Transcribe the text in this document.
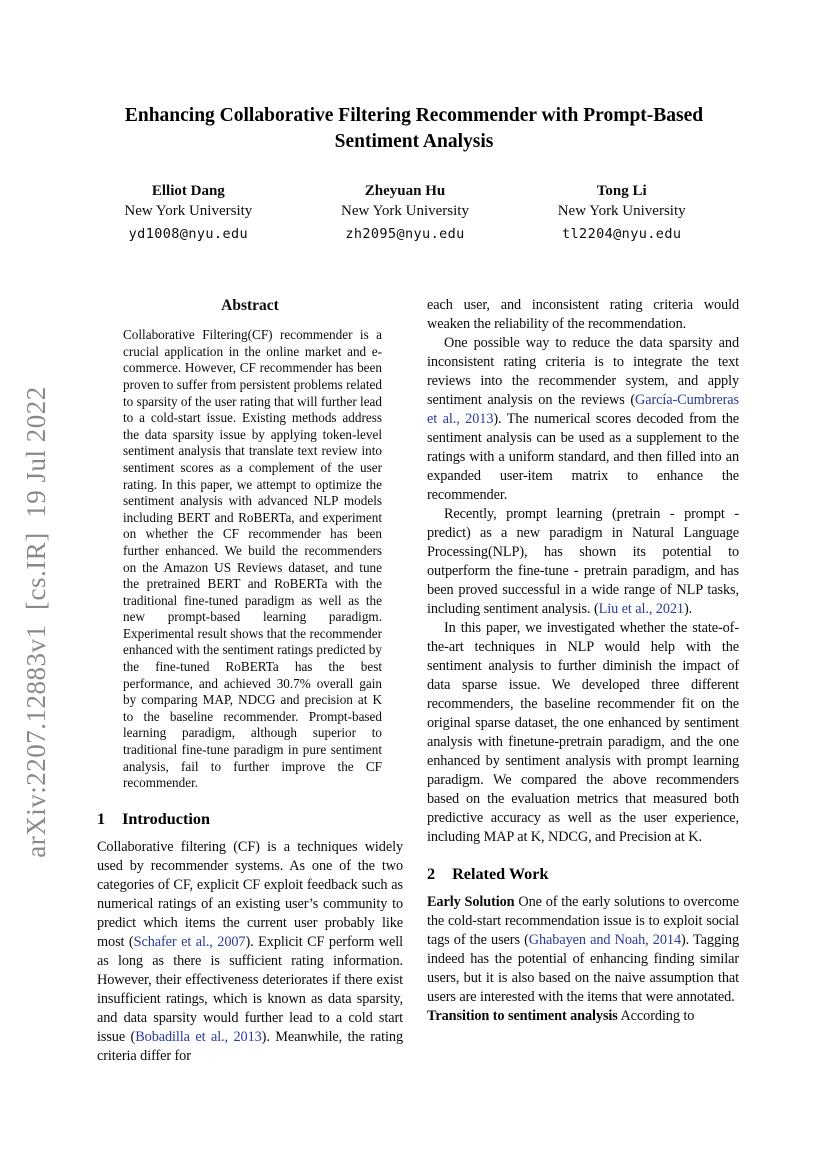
arXiv:2207.12883v1  [cs.IR]  19 Jul 2022
Enhancing Collaborative Filtering Recommender with Prompt-Based
Sentiment Analysis
Elliot Dang
New York University
yd1008@nyu.edu
Zheyuan Hu
New York University
zh2095@nyu.edu
Tong Li
New York University
tl2204@nyu.edu
Abstract

Collaborative Filtering(CF) recommender is a crucial application in the online market and e-commerce. However, CF recommender has been proven to suffer from persistent problems related to sparsity of the user rating that will further lead to a cold-start issue. Existing methods address the data sparsity issue by applying token-level sentiment analysis that translate text review into sentiment scores as a complement of the user rating. In this paper, we attempt to optimize the sentiment analysis with advanced NLP models including BERT and RoBERTa, and experiment on whether the CF recommender has been further enhanced. We build the recommenders on the Amazon US Reviews dataset, and tune the pretrained BERT and RoBERTa with the traditional fine-tuned paradigm as well as the new prompt-based learning paradigm. Experimental result shows that the recommender enhanced with the sentiment ratings predicted by the fine-tuned RoBERTa has the best performance, and achieved 30.7% overall gain by comparing MAP, NDCG and precision at K to the baseline recommender. Prompt-based learning paradigm, although superior to traditional fine-tune paradigm in pure sentiment analysis, fail to further improve the CF recommender.

1 Introduction

Collaborative filtering (CF) is a techniques widely used by recommender systems. As one of the two categories of CF, explicit CF exploit feedback such as numerical ratings of an existing user’s community to predict which items the current user probably like most (Schafer et al., 2007). Explicit CF perform well as long as there is sufficient rating information. However, their effectiveness deteriorates if there exist insufficient ratings, which is known as data sparsity, and data sparsity would further lead to a cold start issue (Bobadilla et al., 2013). Meanwhile, the rating criteria differ for

each user, and inconsistent rating criteria would weaken the reliability of the recommendation.

One possible way to reduce the data sparsity and inconsistent rating criteria is to integrate the text reviews into the recommender system, and apply sentiment analysis on the reviews (García-Cumbreras et al., 2013). The numerical scores decoded from the sentiment analysis can be used as a supplement to the ratings with a uniform standard, and then filled into an expanded user-item matrix to enhance the recommender.

Recently, prompt learning (pretrain - prompt - predict) as a new paradigm in Natural Language Processing(NLP), has shown its potential to outperform the fine-tune - pretrain paradigm, and has been proved successful in a wide range of NLP tasks, including sentiment analysis. (Liu et al., 2021).

In this paper, we investigated whether the state-of-the-art techniques in NLP would help with the sentiment analysis to further diminish the impact of data sparse issue. We developed three different recommenders, the baseline recommender fit on the original sparse dataset, the one enhanced by sentiment analysis with finetune-pretrain paradigm, and the one enhanced by sentiment analysis with prompt learning paradigm. We compared the above recommenders based on the evaluation metrics that measured both predictive accuracy as well as the user experience, including MAP at K, NDCG, and Precision at K.

2 Related Work

Early Solution One of the early solutions to overcome the cold-start recommendation issue is to exploit social tags of the users (Ghabayen and Noah, 2014). Tagging indeed has the potential of enhancing finding similar users, but it is also based on the naive assumption that users are interested with the items that were annotated.

Transition to sentiment analysis According to
